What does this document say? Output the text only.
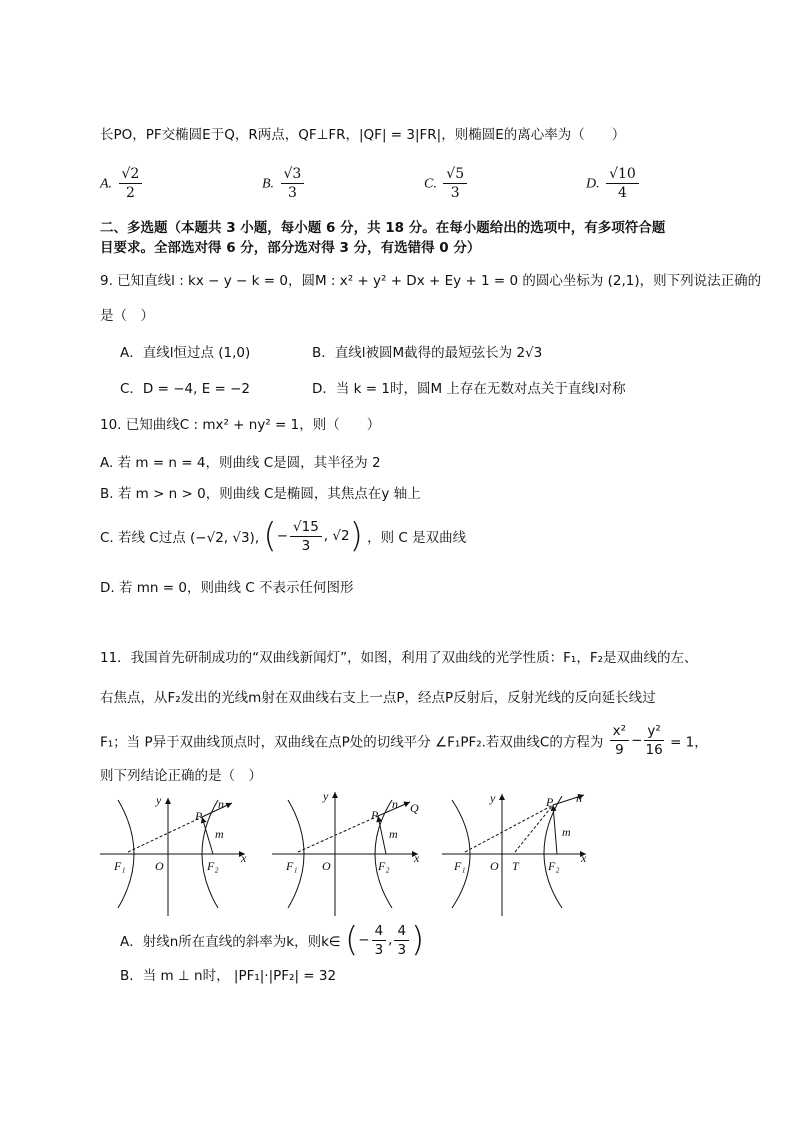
长PO，PF交椭圆E于Q，R两点，QF⊥FR，|QF| = 3|FR|，则椭圆E的离心率为（　　）
A. $\frac{√2}{2}$	B. $\frac{√3}{3}$	C. $\frac{√5}{3}$	D. $\frac{√10}{4}$
二、多选题（本题共 3 小题，每小题 6 分，共 18 分。在每小题给出的选项中，有多项符合题
目要求。全部选对得 6 分，部分选对得 3 分，有选错得 0 分）
9. 已知直线l : kx − y − k = 0，圆M : x² + y² + Dx + Ey + 1 = 0 的圆心坐标为 (2,1)，则下列说法正确的
是（　）
A．直线l恒过点 (1,0)	B．直线l被圆M截得的最短弦长为 2√3
C．D = −4, E = −2	D．当 k = 1时，圆M 上存在无数对点关于直线l对称
10. 已知曲线C : mx² + ny² = 1，则（　　）
A. 若 m = n = 4，则曲线 C是圆，其半径为 2
B. 若 m > n > 0，则曲线 C是椭圆，其焦点在y 轴上
C. 若线 C过点 (−√2, √3), (− $\frac{√15}{3}$ , √2) ，则 C 是双曲线
D. 若 mn = 0，则曲线 C 不表示任何图形
11．我国首先研制成功的“双曲线新闻灯”，如图，利用了双曲线的光学性质：F₁，F₂是双曲线的左、
右焦点，从F₂发出的光线m射在双曲线右支上一点P，经点P反射后，反射光线的反向延长线过
F₁；当 P异于双曲线顶点时，双曲线在点P处的切线平分 ∠F₁PF₂.若双曲线C的方程为 $\frac{\text{x²}}{9} - \frac{\text{y²}}{16} = 1$，
则下列结论正确的是（　）
y
x
O
P
n
m
F₁	F₂
y
x
O
P
n Q
m
F₁	F₂
y
x
O T
P n
m
F₁	F₂
A．射线n所在直线的斜率为k，则k∈ (− $\frac{4}{3}$ , $\frac{4}{3}$ )
B．当 m ⊥ n时， |PF₁|·|PF₂| = 32
